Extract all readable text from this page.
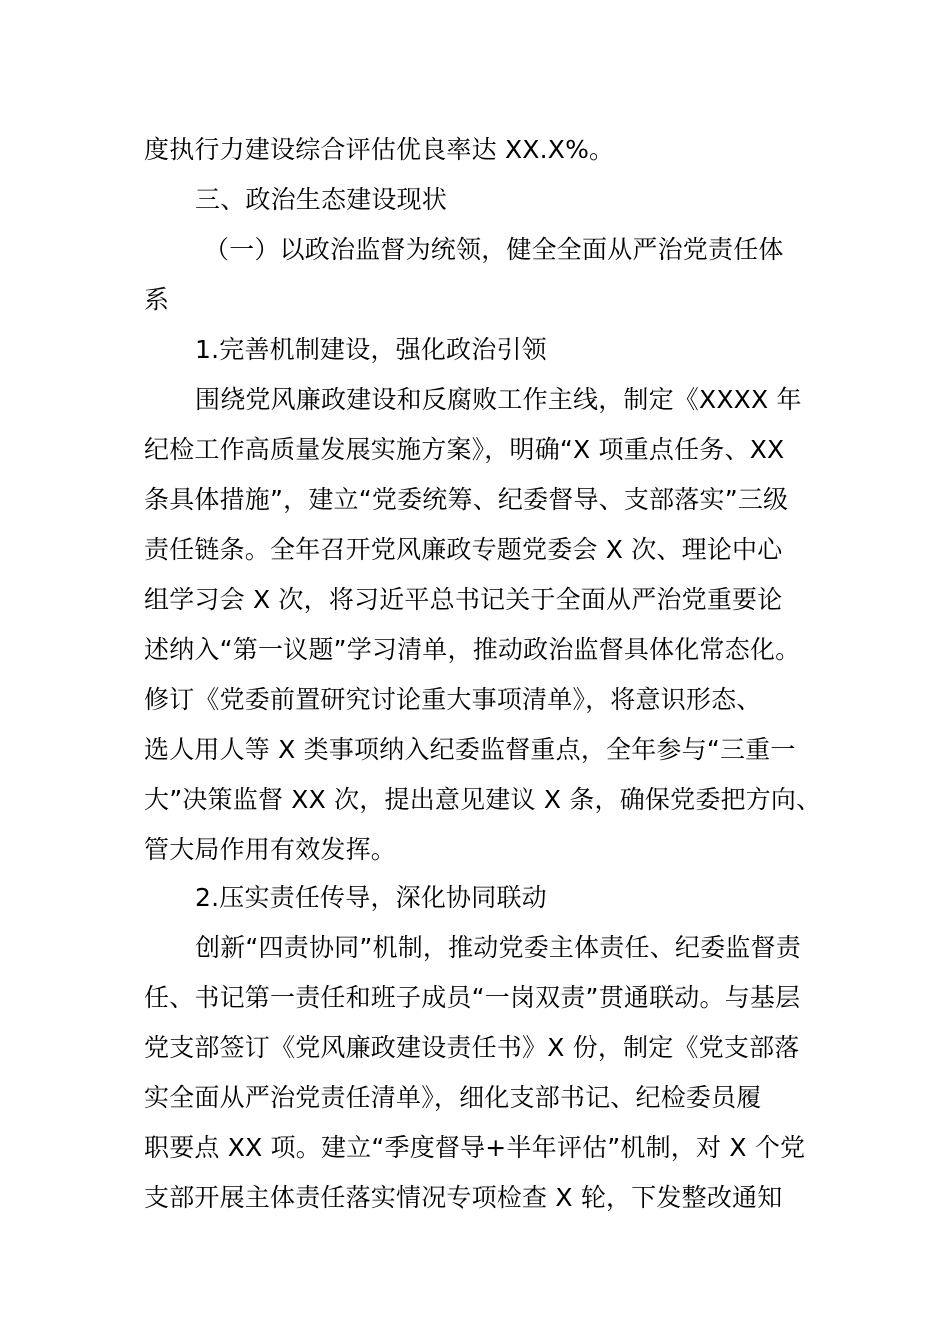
度执行力建设综合评估优良率达 XX.X%。
三、政治生态建设现状
（一）以政治监督为统领，健全全面从严治党责任体
系
1.完善机制建设，强化政治引领
围绕党风廉政建设和反腐败工作主线，制定《XXXX 年
纪检工作高质量发展实施方案》，明确“X 项重点任务、XX
条具体措施”，建立“党委统筹、纪委督导、支部落实”三级
责任链条。全年召开党风廉政专题党委会 X 次、理论中心
组学习会 X 次，将习近平总书记关于全面从严治党重要论
述纳入“第一议题”学习清单，推动政治监督具体化常态化。
修订《党委前置研究讨论重大事项清单》，将意识形态、
选人用人等 X 类事项纳入纪委监督重点，全年参与“三重一
大”决策监督 XX 次，提出意见建议 X 条，确保党委把方向、
管大局作用有效发挥。
2.压实责任传导，深化协同联动
创新“四责协同”机制，推动党委主体责任、纪委监督责
任、书记第一责任和班子成员“一岗双责”贯通联动。与基层
党支部签订《党风廉政建设责任书》X 份，制定《党支部落
实全面从严治党责任清单》，细化支部书记、纪检委员履
职要点 XX 项。建立“季度督导+半年评估”机制，对 X 个党
支部开展主体责任落实情况专项检查 X 轮，下发整改通知
